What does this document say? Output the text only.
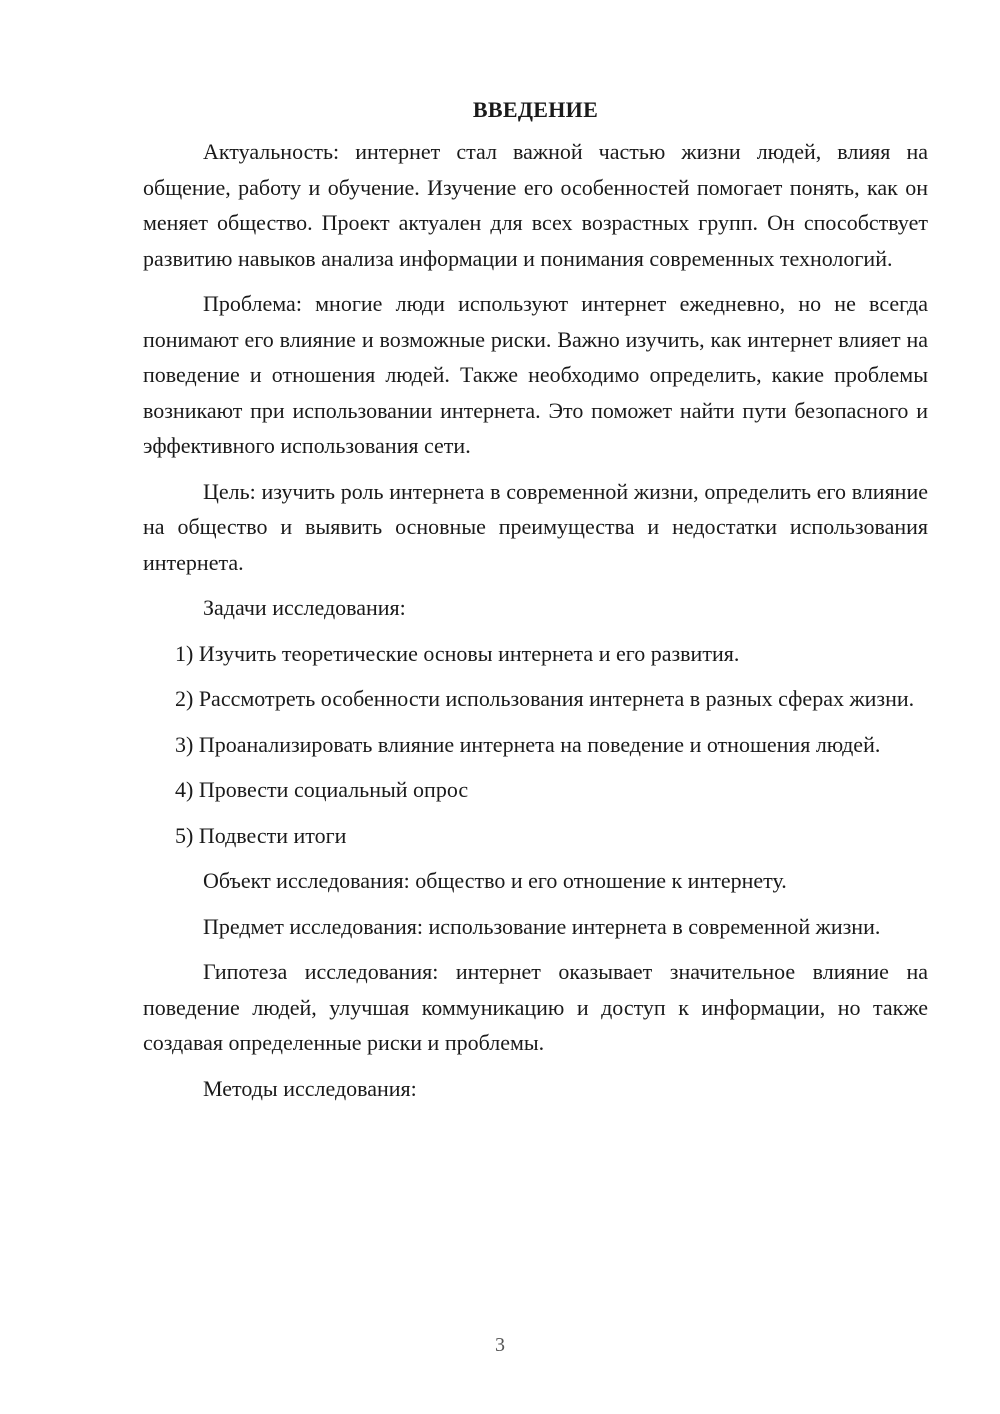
ВВЕДЕНИЕ

Актуальность: интернет стал важной частью жизни людей, влияя на общение, работу и обучение. Изучение его особенностей помогает понять, как он меняет общество. Проект актуален для всех возрастных групп. Он способствует развитию навыков анализа информации и понимания современных технологий.

Проблема: многие люди используют интернет ежедневно, но не всегда понимают его влияние и возможные риски. Важно изучить, как интернет влияет на поведение и отношения людей. Также необходимо определить, какие проблемы возникают при использовании интернета. Это поможет найти пути безопасного и эффективного использования сети.

Цель: изучить роль интернета в современной жизни, определить его влияние на общество и выявить основные преимущества и недостатки использования интернета.

Задачи исследования:

1) Изучить теоретические основы интернета и его развития.

2) Рассмотреть особенности использования интернета в разных сферах жизни.

3) Проанализировать влияние интернета на поведение и отношения людей.

4) Провести социальный опрос

5) Подвести итоги

Объект исследования: общество и его отношение к интернету.

Предмет исследования: использование интернета в современной жизни.

Гипотеза исследования: интернет оказывает значительное влияние на поведение людей, улучшая коммуникацию и доступ к информации, но также создавая определенные риски и проблемы.

Методы исследования:

3
